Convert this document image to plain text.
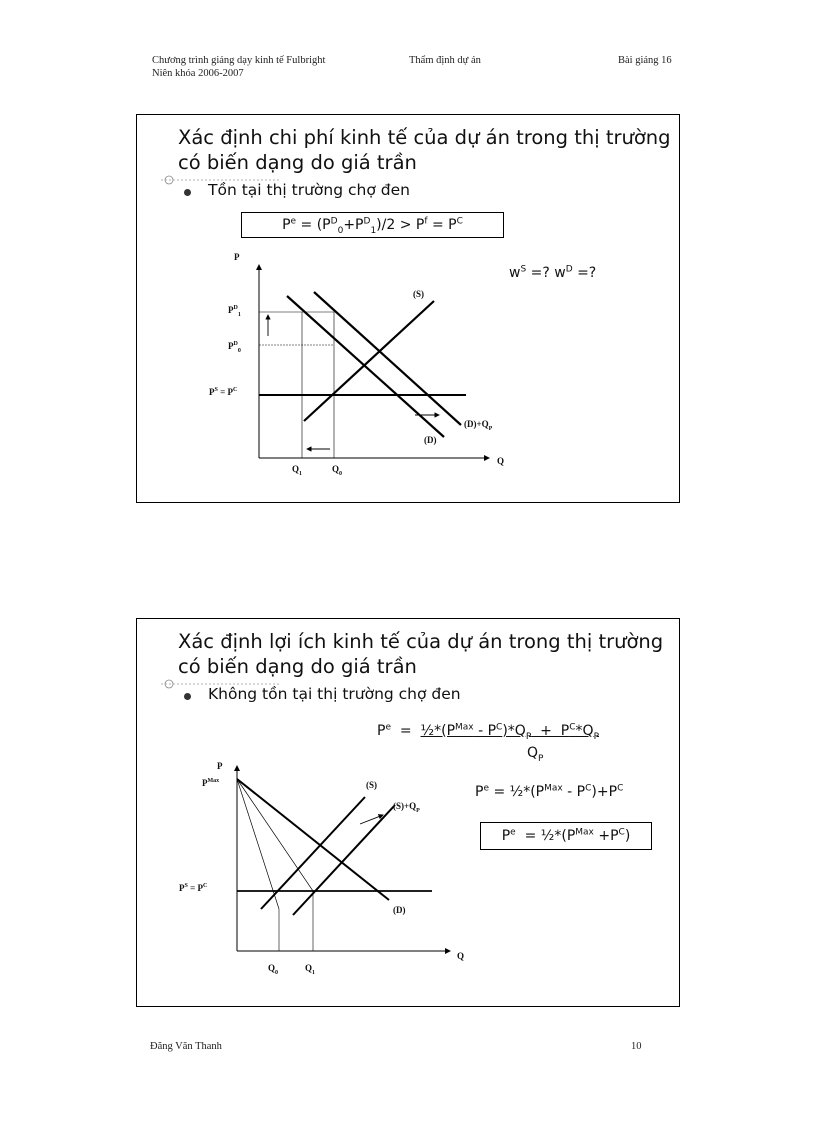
Chương trình giảng dạy kinh tế Fulbright
Niên khóa 2006-2007
Thẩm định dự án	Bài giảng 16
Xác định chi phí kinh tế của dự án trong thị trường
có biến dạng do giá trần
Tồn tại thị trường chợ đen
$P^e = (P^D_0+P^D_1)/2 > P^f = P^C$
$w^S$ =? $w^D$ =?
P
Q
$P^D_1$
$P^D_0$
$P^S = P^C$
(S)
(D)
$(D)+Q_P$
$Q_1$	$Q_0$
Xác định lợi ích kinh tế của dự án trong thị trường
có biến dạng do giá trần
Không tồn tại thị trường chợ đen
$P^e$  =  $\frac{1}{2}*(P^{Max} - P^C)*Q_P + P^C*Q_P$
$Q_P$
$P^e$ = $\frac{1}{2}*(P^{Max} - P^C)+P^C$
$P^e$  = $\frac{1}{2}*(P^{Max} +P^C)$
P
$P^{Max}$
$P^S = P^C$
(S)
$(S)+Q_P$
(D)
Q
$Q_0$	$Q_1$
Đăng Văn Thanh	10
